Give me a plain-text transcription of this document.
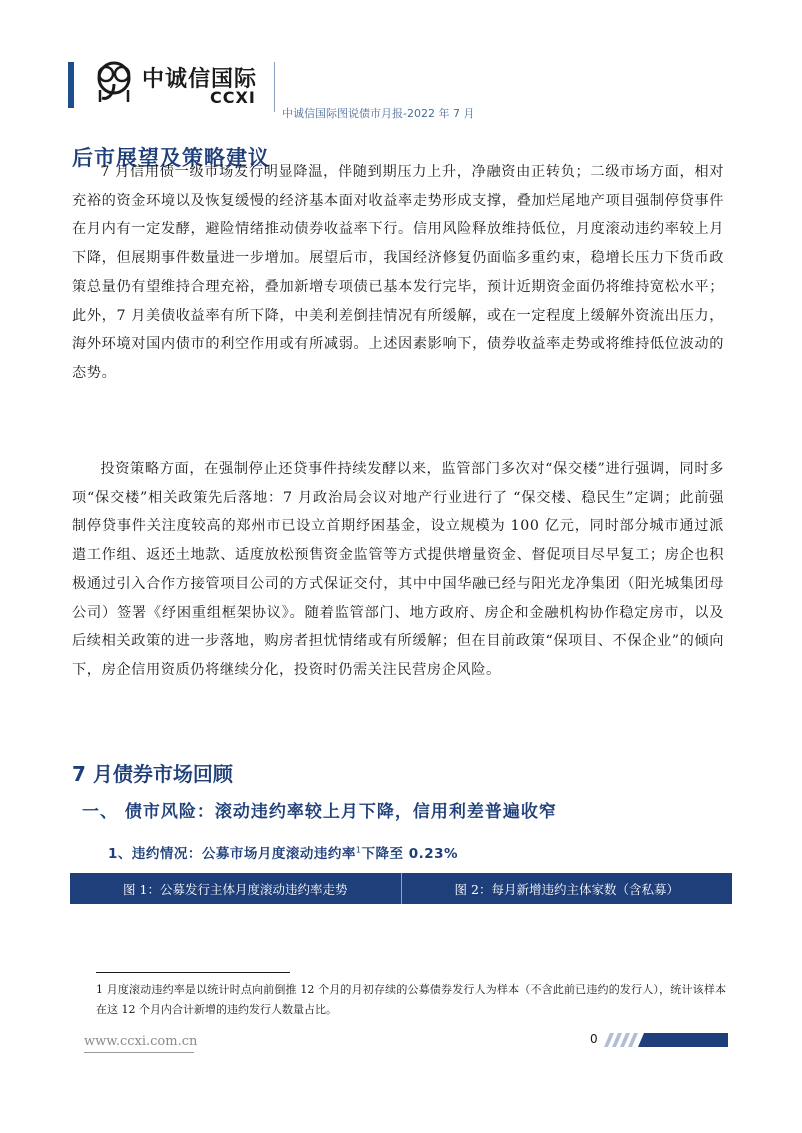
中诚信国际
CCXI
中诚信国际图说债市月报-2022 年 7 月
后市展望及策略建议

7 月信用债一级市场发行明显降温，伴随到期压力上升，净融资由正转负；二级市场方面，相对充裕的资金环境以及恢复缓慢的经济基本面对收益率走势形成支撑，叠加烂尾地产项目强制停贷事件在月内有一定发酵，避险情绪推动债券收益率下行。信用风险释放维持低位，月度滚动违约率较上月下降，但展期事件数量进一步增加。展望后市，我国经济修复仍面临多重约束，稳增长压力下货币政策总量仍有望维持合理充裕，叠加新增专项债已基本发行完毕，预计近期资金面仍将维持宽松水平；此外，7 月美债收益率有所下降，中美利差倒挂情况有所缓解，或在一定程度上缓解外资流出压力，海外环境对国内债市的利空作用或有所减弱。上述因素影响下，债券收益率走势或将维持低位波动的态势。

投资策略方面，在强制停止还贷事件持续发酵以来，监管部门多次对“保交楼”进行强调，同时多项“保交楼”相关政策先后落地：7 月政治局会议对地产行业进行了 “保交楼、稳民生”定调；此前强制停贷事件关注度较高的郑州市已设立首期纾困基金，设立规模为 100 亿元，同时部分城市通过派遣工作组、返还土地款、适度放松预售资金监管等方式提供增量资金、督促项目尽早复工；房企也积极通过引入合作方接管项目公司的方式保证交付，其中中国华融已经与阳光龙净集团（阳光城集团母公司）签署《纾困重组框架协议》。随着监管部门、地方政府、房企和金融机构协作稳定房市，以及后续相关政策的进一步落地，购房者担忧情绪或有所缓解；但在目前政策“保项目、不保企业”的倾向下，房企信用资质仍将继续分化，投资时仍需关注民营房企风险。

7 月债券市场回顾
一、 债市风险：滚动违约率较上月下降，信用利差普遍收窄
1、违约情况：公募市场月度滚动违约率$^1$下降至 0.23%
图 1：公募发行主体月度滚动违约率走势	图 2：每月新增违约主体家数（含私募）

1 月度滚动违约率是以统计时点向前倒推 12 个月的月初存续的公募债券发行人为样本（不含此前已违约的发行人），统计该样本在这 12 个月内合计新增的违约发行人数量占比。

www.ccxi.com.cn	0
